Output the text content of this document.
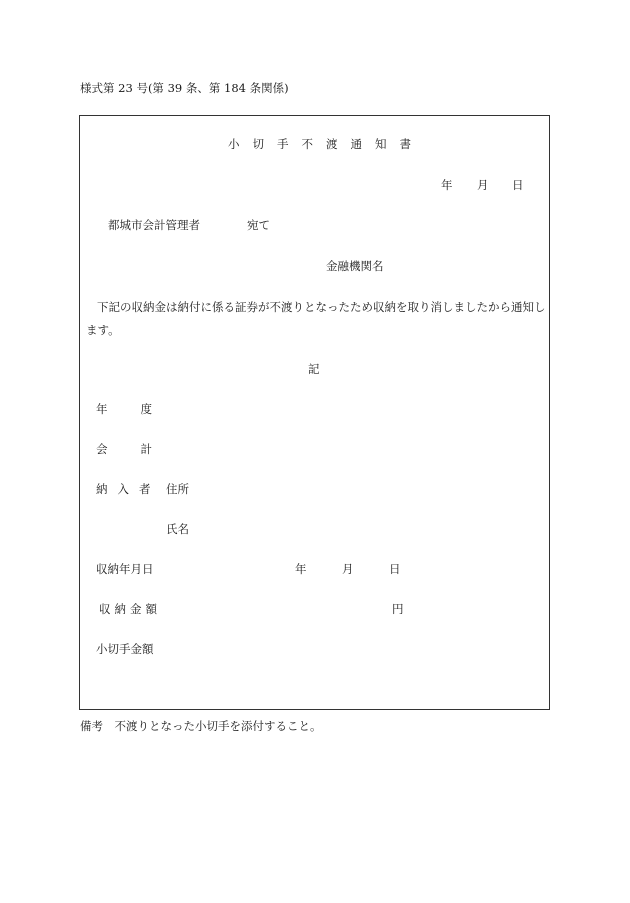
様式第 23 号(第 39 条、第 184 条関係)
小 切 手 不 渡 通 知 書
年 月 日
都城市会計管理者	宛て
金融機関名
下記の収納金は納付に係る証券が不渡りとなったため収納を取り消しましたから通知します。
記
年	度
会	計
納 入 者 住所
氏名
収納年月日	年	月	日
収 納 金 額	円
小切手金額
備考　不渡りとなった小切手を添付すること。
